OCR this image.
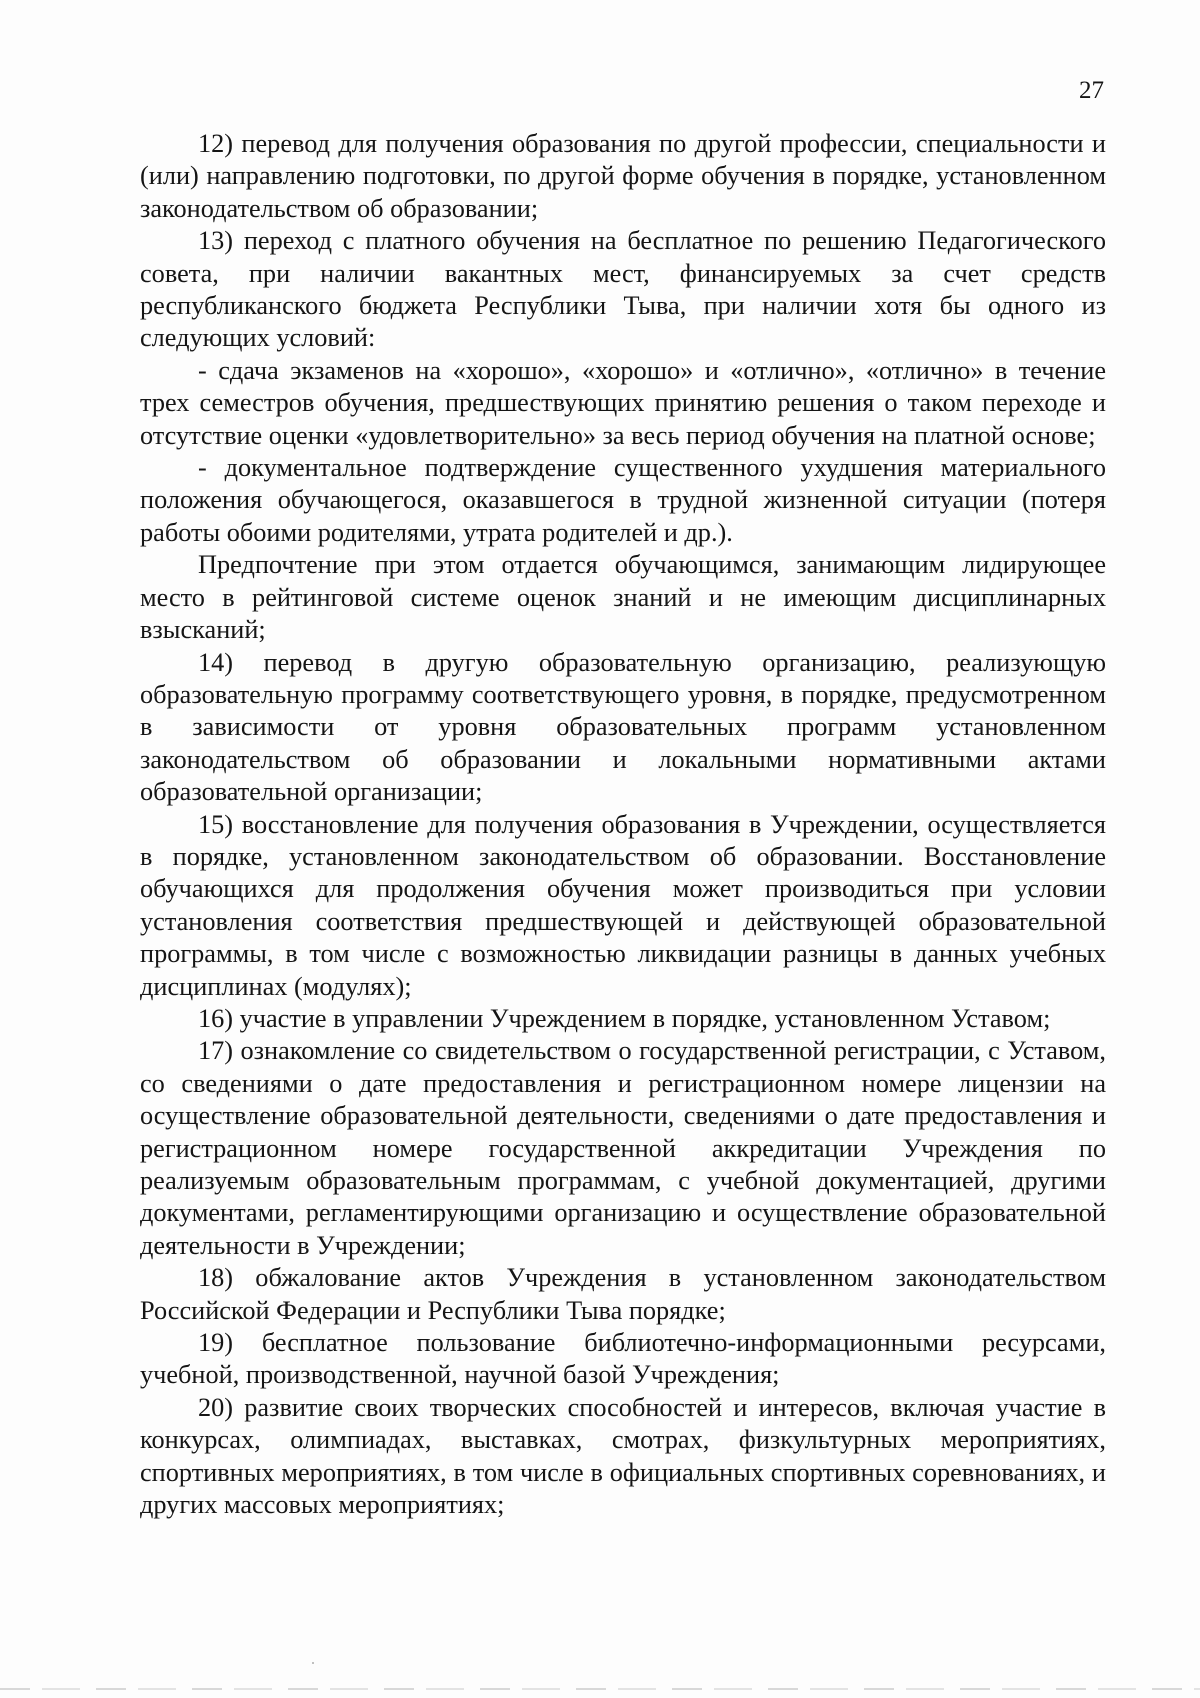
27

12) перевод для получения образования по другой профессии, специальности и (или) направлению подготовки, по другой форме обучения в порядке, установленном законодательством об образовании;

13) переход с платного обучения на бесплатное по решению Педагогического совета, при наличии вакантных мест, финансируемых за счет средств республиканского бюджета Республики Тыва, при наличии хотя бы одного из следующих условий:

- сдача экзаменов на «хорошо», «хорошо» и «отлично», «отлично» в течение трех семестров обучения, предшествующих принятию решения о таком переходе и отсутствие оценки «удовлетворительно» за весь период обучения на платной основе;

- документальное подтверждение существенного ухудшения материального положения обучающегося, оказавшегося в трудной жизненной ситуации (потеря работы обоими родителями, утрата родителей и др.).

Предпочтение при этом отдается обучающимся, занимающим лидирующее место в рейтинговой системе оценок знаний и не имеющим дисциплинарных взысканий;

14) перевод в другую образовательную организацию, реализующую образовательную программу соответствующего уровня, в порядке, предусмотренном в зависимости от уровня образовательных программ установленном законодательством об образовании и локальными нормативными актами образовательной организации;

15) восстановление для получения образования в Учреждении, осуществляется в порядке, установленном законодательством об образовании. Восстановление обучающихся для продолжения обучения может производиться при условии установления соответствия предшествующей и действующей образовательной программы, в том числе с возможностью ликвидации разницы в данных учебных дисциплинах (модулях);

16) участие в управлении Учреждением в порядке, установленном Уставом;

17) ознакомление со свидетельством о государственной регистрации, с Уставом, со сведениями о дате предоставления и регистрационном номере лицензии на осуществление образовательной деятельности, сведениями о дате предоставления и регистрационном номере государственной аккредитации Учреждения по реализуемым образовательным программам, с учебной документацией, другими документами, регламентирующими организацию и осуществление образовательной деятельности в Учреждении;

18) обжалование актов Учреждения в установленном законодательством Российской Федерации и Республики Тыва порядке;

19) бесплатное пользование библиотечно-информационными ресурсами, учебной, производственной, научной базой Учреждения;

20) развитие своих творческих способностей и интересов, включая участие в конкурсах, олимпиадах, выставках, смотрах, физкультурных мероприятиях, спортивных мероприятиях, в том числе в официальных спортивных соревнованиях, и других массовых мероприятиях;
